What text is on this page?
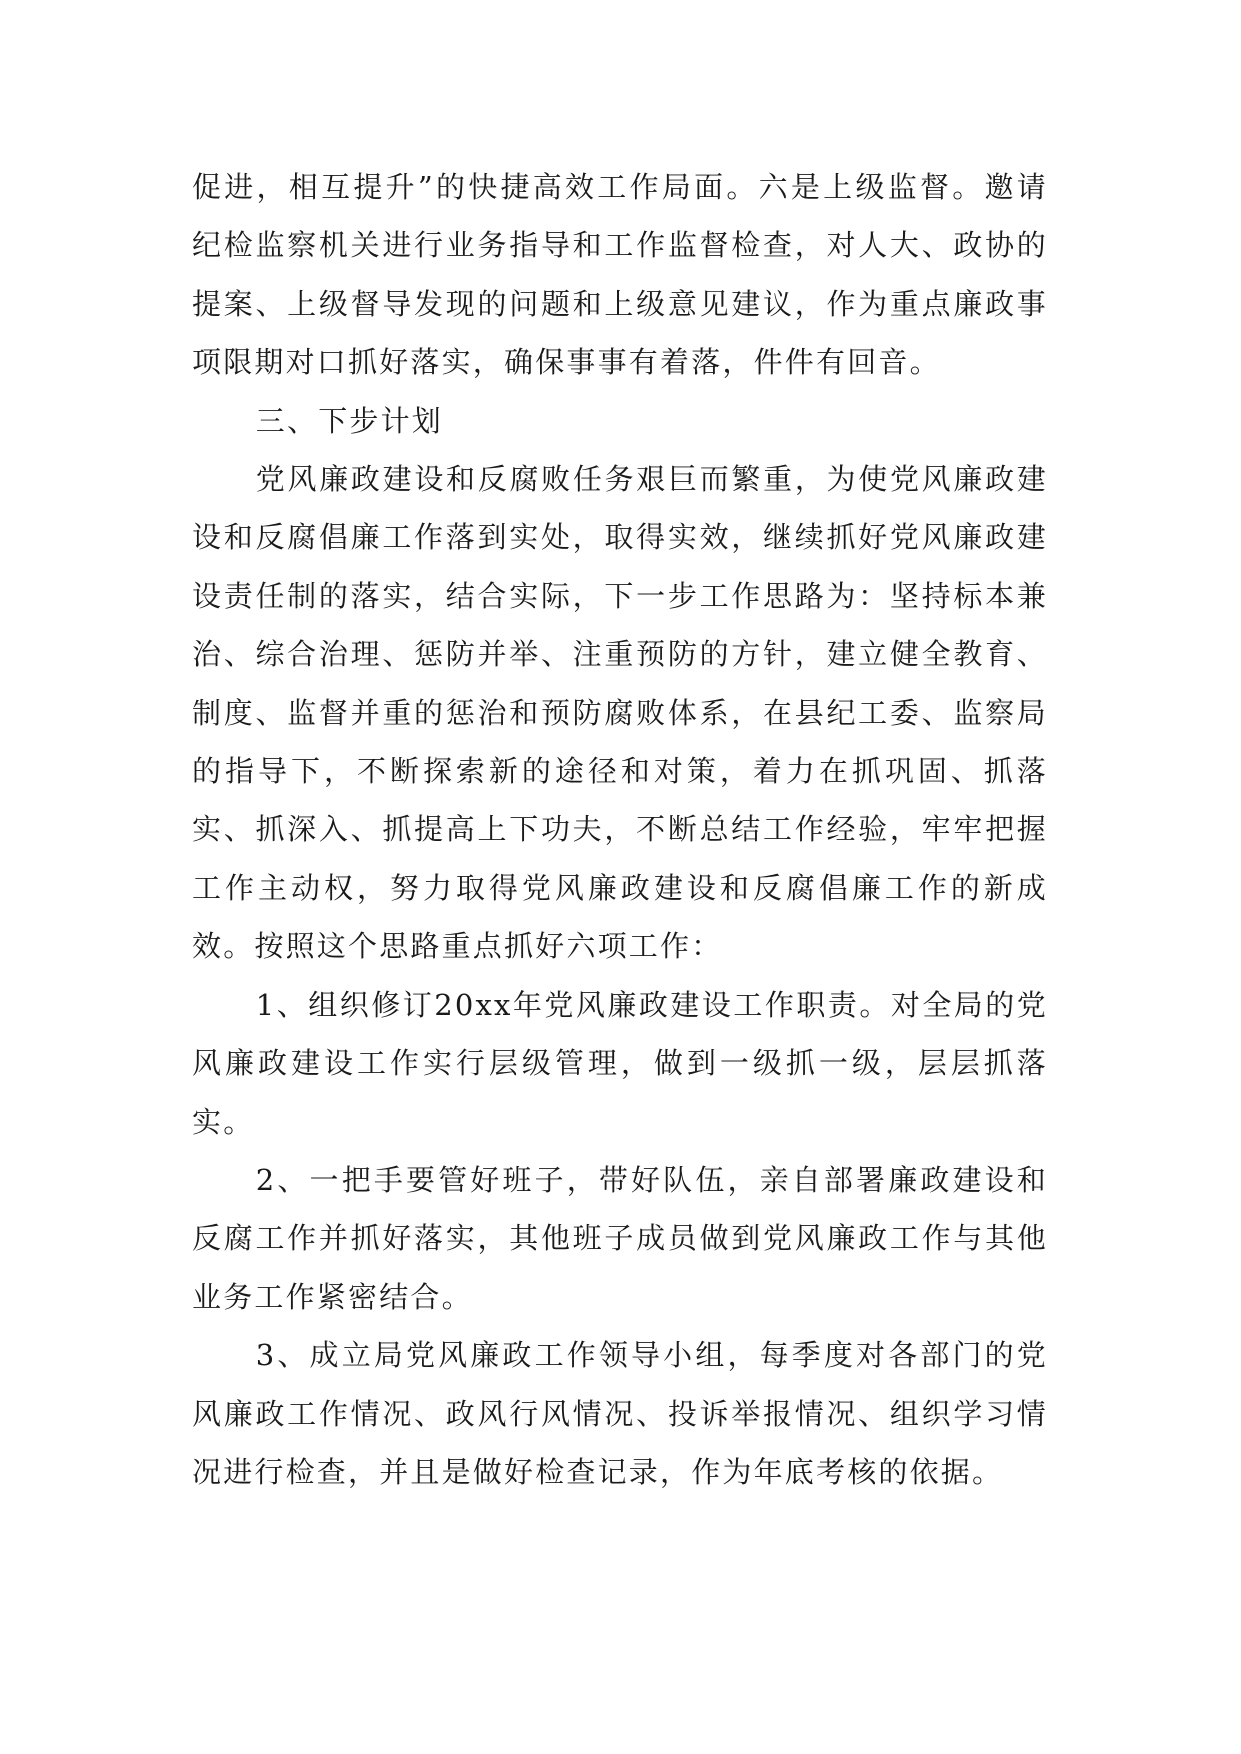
促进，相互提升”的快捷高效工作局面。六是上级监督。邀请纪检监察机关进行业务指导和工作监督检查，对人大、政协的提案、上级督导发现的问题和上级意见建议，作为重点廉政事项限期对口抓好落实，确保事事有着落，件件有回音。

三、下步计划

党风廉政建设和反腐败任务艰巨而繁重，为使党风廉政建设和反腐倡廉工作落到实处，取得实效，继续抓好党风廉政建设责任制的落实，结合实际，下一步工作思路为：坚持标本兼治、综合治理、惩防并举、注重预防的方针，建立健全教育、制度、监督并重的惩治和预防腐败体系，在县纪工委、监察局的指导下，不断探索新的途径和对策，着力在抓巩固、抓落实、抓深入、抓提高上下功夫，不断总结工作经验，牢牢把握工作主动权，努力取得党风廉政建设和反腐倡廉工作的新成效。按照这个思路重点抓好六项工作：

1、组织修订20xx年党风廉政建设工作职责。对全局的党风廉政建设工作实行层级管理，做到一级抓一级，层层抓落实。

2、一把手要管好班子，带好队伍，亲自部署廉政建设和反腐工作并抓好落实，其他班子成员做到党风廉政工作与其他业务工作紧密结合。

3、成立局党风廉政工作领导小组，每季度对各部门的党风廉政工作情况、政风行风情况、投诉举报情况、组织学习情况进行检查，并且是做好检查记录，作为年底考核的依据。
